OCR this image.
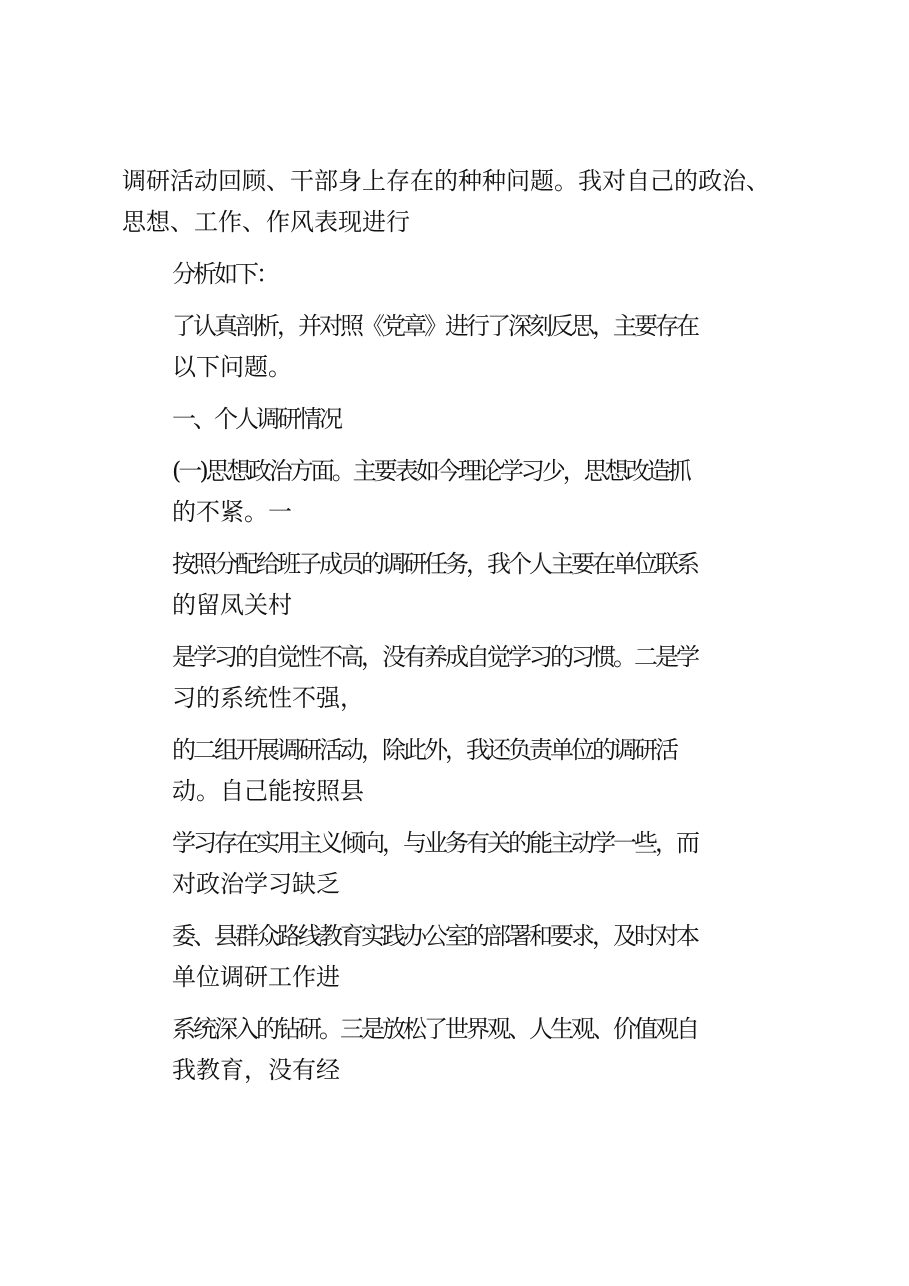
调研活动回顾、干部身上存在的种种问题。我对自己的政治、
思想、工作、作风表现进行

分析如下：

了认真剖析，并对照《党章》进行了深刻反思，主要存在
以下问题。

一、个人调研情况

(一)思想政治方面。主要表如今理论学习少，思想改造抓
的不紧。一

按照分配给班子成员的调研任务，我个人主要在单位联系
的留凤关村

是学习的自觉性不高，没有养成自觉学习的习惯。二是学
习的系统性不强，

的二组开展调研活动，除此外，我还负责单位的调研活
动。自己能按照县

学习存在实用主义倾向，与业务有关的能主动学一些，而
对政治学习缺乏

委、县群众路线教育实践办公室的部署和要求，及时对本
单位调研工作进

系统深入的钻研。三是放松了世界观、人生观、价值观自
我教育，没有经
